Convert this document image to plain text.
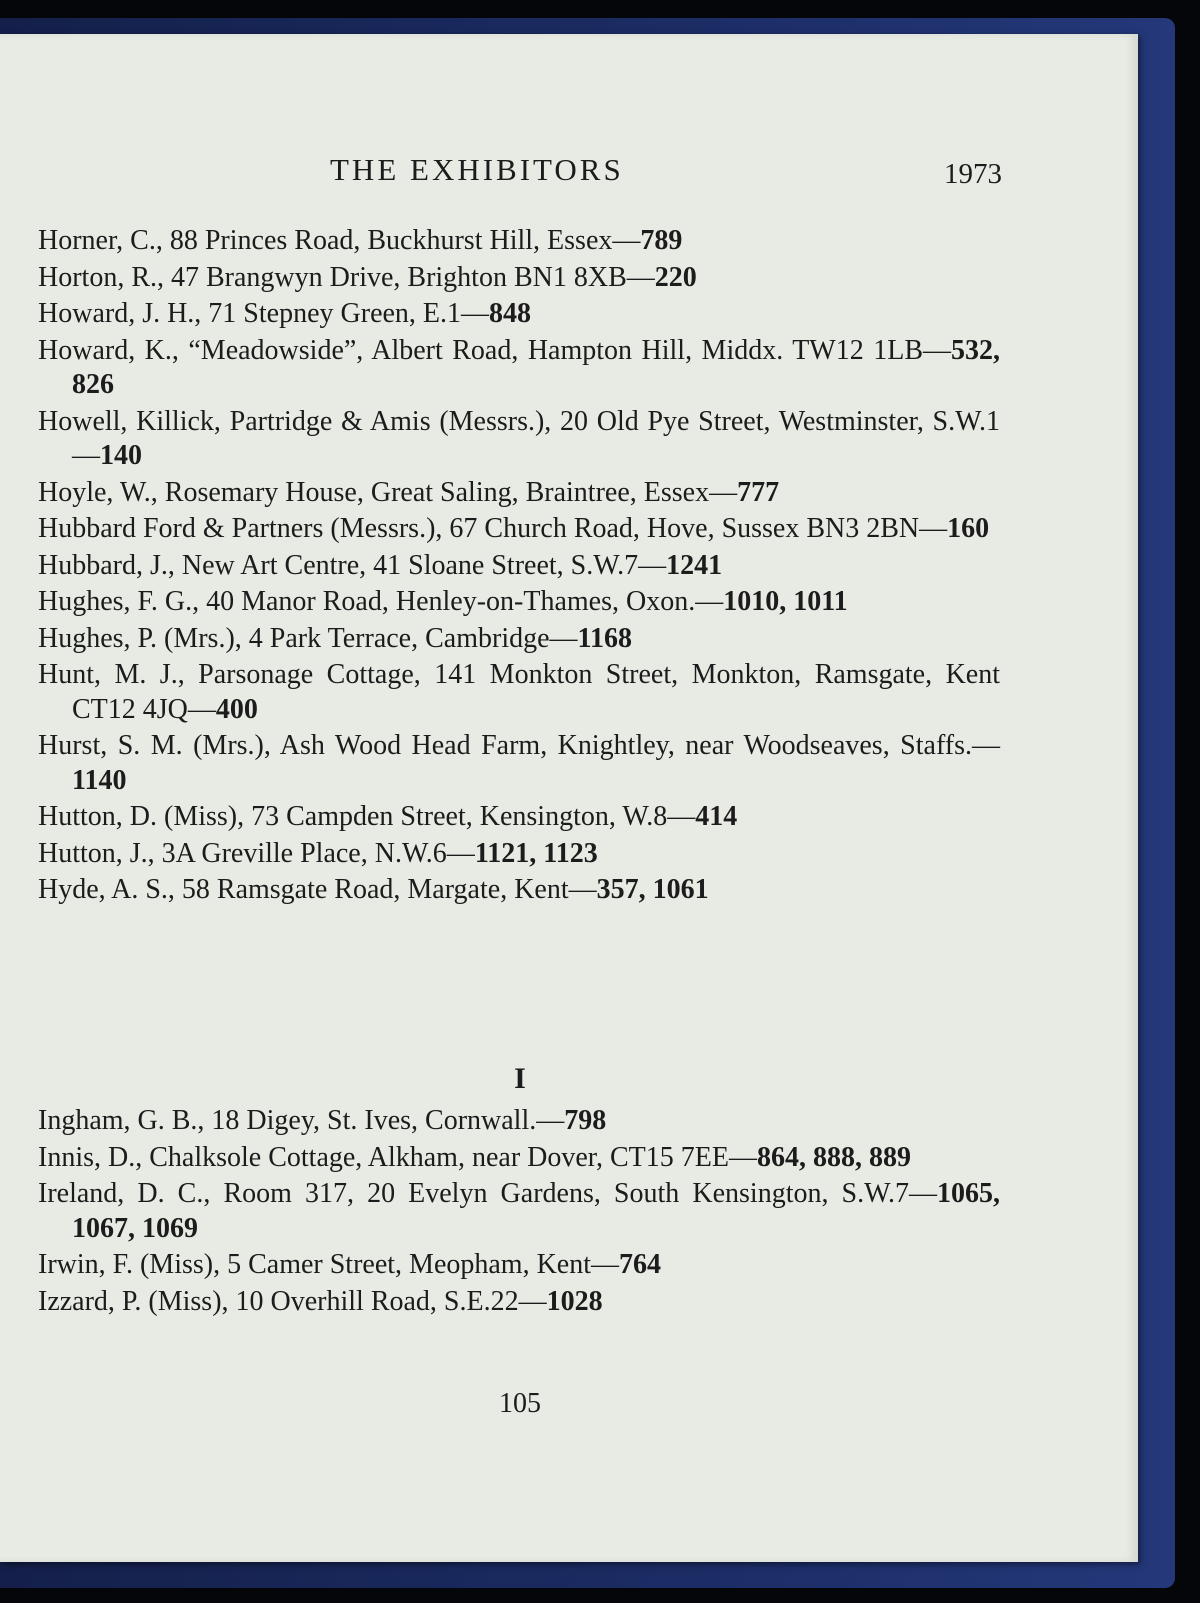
THE EXHIBITORS	1973

Horner, C., 88 Princes Road, Buckhurst Hill, Essex—789

Horton, R., 47 Brangwyn Drive, Brighton BN1 8XB—220

Howard, J. H., 71 Stepney Green, E.1—848

Howard, K., “Meadowside”, Albert Road, Hampton Hill, Middx. TW12 1LB—532, 826

Howell, Killick, Partridge & Amis (Messrs.), 20 Old Pye Street, Westminster, S.W.1—140

Hoyle, W., Rosemary House, Great Saling, Braintree, Essex—777

Hubbard Ford & Partners (Messrs.), 67 Church Road, Hove, Sussex BN3 2BN—160

Hubbard, J., New Art Centre, 41 Sloane Street, S.W.7—1241

Hughes, F. G., 40 Manor Road, Henley-on-Thames, Oxon.—1010, 1011

Hughes, P. (Mrs.), 4 Park Terrace, Cambridge—1168

Hunt, M. J., Parsonage Cottage, 141 Monkton Street, Monkton, Ramsgate, Kent CT12 4JQ—400

Hurst, S. M. (Mrs.), Ash Wood Head Farm, Knightley, near Woodseaves, Staffs.—1140

Hutton, D. (Miss), 73 Campden Street, Kensington, W.8—414

Hutton, J., 3A Greville Place, N.W.6—1121, 1123

Hyde, A. S., 58 Ramsgate Road, Margate, Kent—357, 1061

I

Ingham, G. B., 18 Digey, St. Ives, Cornwall.—798

Innis, D., Chalksole Cottage, Alkham, near Dover, CT15 7EE—864, 888, 889

Ireland, D. C., Room 317, 20 Evelyn Gardens, South Kensington, S.W.7—1065, 1067, 1069

Irwin, F. (Miss), 5 Camer Street, Meopham, Kent—764

Izzard, P. (Miss), 10 Overhill Road, S.E.22—1028

105
